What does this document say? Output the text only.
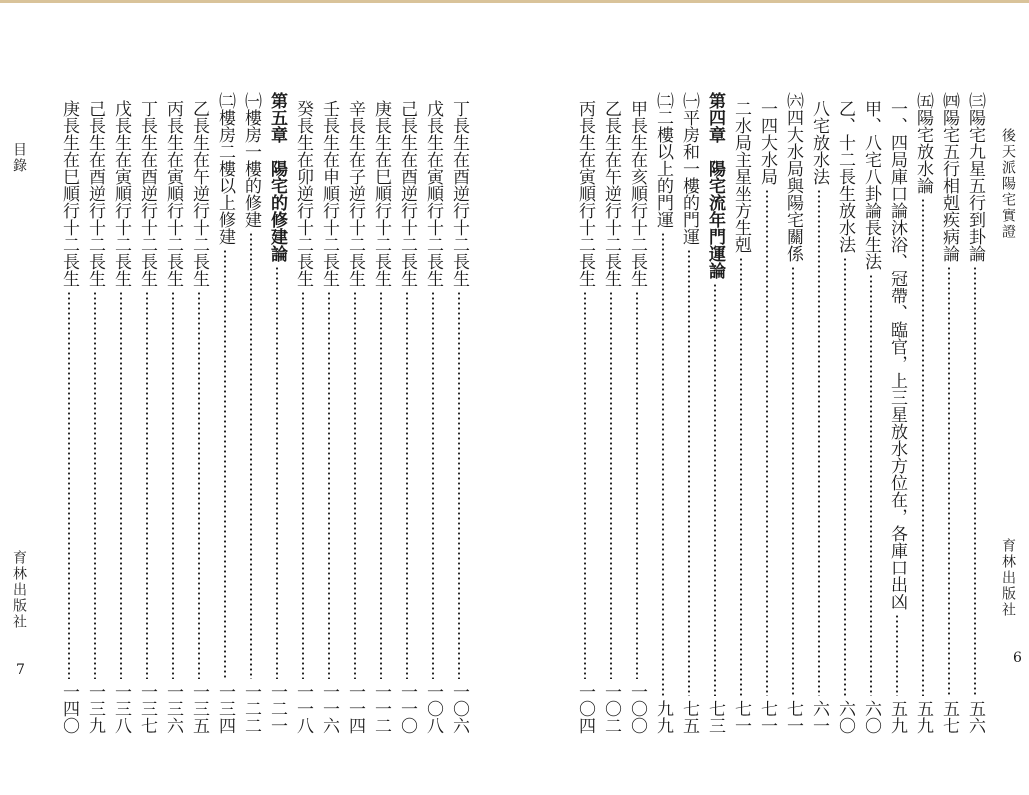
後天派陽宅實證
育林出版社
6
目錄
育林出版社
7
㈢陽宅九星五行到卦論
五六
㈣陽宅五行相剋疾病論
五七
㈤陽宅放水論
五九
一、四局庫口論沐浴、冠帶、臨官，上三星放水方位在，各庫口出凶
五九
甲、八宅八卦論長生法
六〇
乙、十二長生放水法
六〇
八宅放水法
六一
㈥四大水局與陽宅關係
七一
一四大水局
七一
二水局主星坐方生剋
七一
第四章　陽宅流年門運論
七三
㈠平房和一樓的門運
七五
㈡二樓以上的門運
九九
甲長生在亥順行十二長生
一〇〇
乙長生在午逆行十二長生
一〇二
丙長生在寅順行十二長生
一〇四
丁長生在酉逆行十二長生
一〇六
戊長生在寅順行十二長生
一〇八
己長生在酉逆行十二長生
一一〇
庚長生在巳順行十二長生
一一二
辛長生在子逆行十二長生
一一四
壬長生在申順行十二長生
一一六
癸長生在卯逆行十二長生
一一八
第五章　陽宅的修建論
一二一
㈠樓房一樓的修建
一二二
㈡樓房二樓以上修建
一三四
乙長生在午逆行十二長生
一三五
丙長生在寅順行十二長生
一三六
丁長生在酉逆行十二長生
一三七
戊長生在寅順行十二長生
一三八
己長生在酉逆行十二長生
一三九
庚長生在巳順行十二長生
一四〇
